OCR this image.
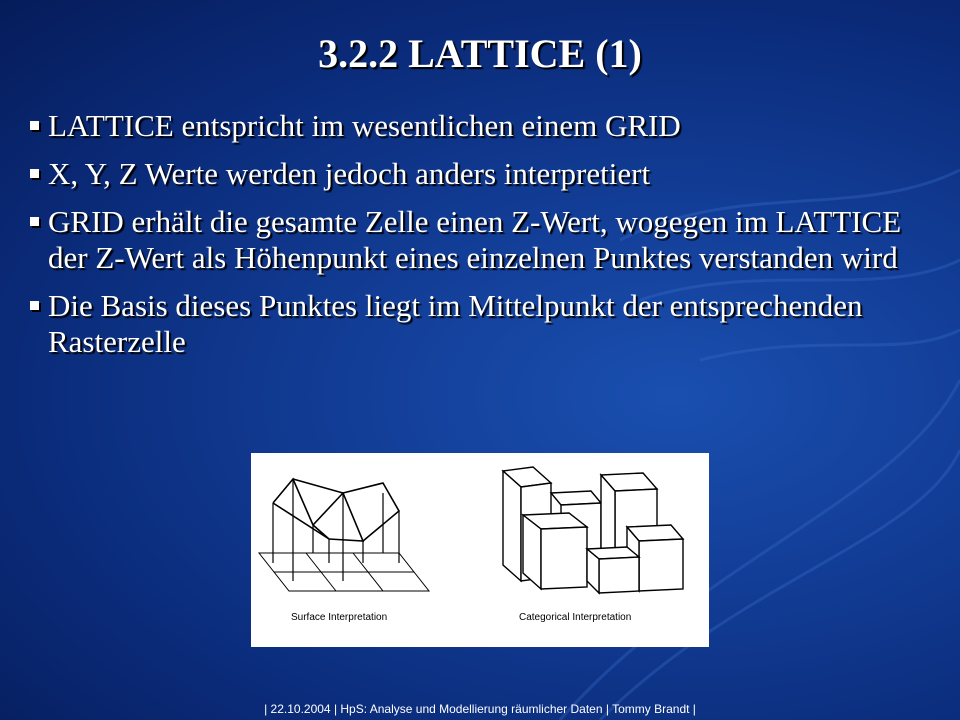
3.2.2 LATTICE (1)
LATTICE entspricht im wesentlichen einem GRID
X, Y, Z Werte werden jedoch anders interpretiert
GRID erhält die gesamte Zelle einen Z-Wert, wogegen im LATTICE der Z-Wert als Höhenpunkt eines einzelnen Punktes verstanden wird
Die Basis dieses Punktes liegt im Mittelpunkt der entsprechenden Rasterzelle
Surface Interpretation	Categorical Interpretation
| 22.10.2004 | HpS: Analyse und Modellierung räumlicher Daten | Tommy Brandt |
